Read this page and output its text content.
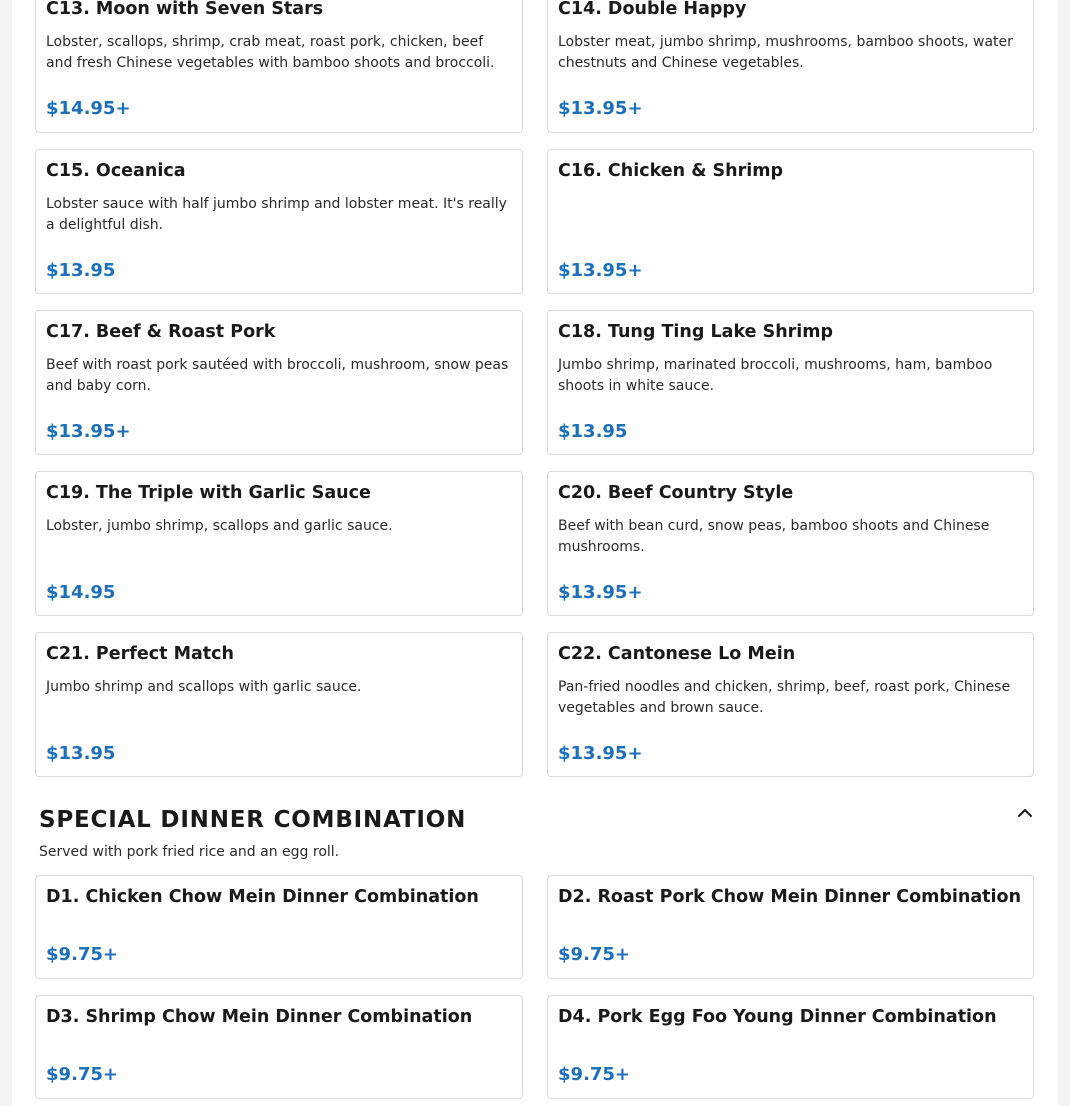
C13. Moon with Seven Stars
Lobster, scallops, shrimp, crab meat, roast pork, chicken, beef and fresh Chinese vegetables with bamboo shoots and broccoli.
$14.95+
C14. Double Happy
Lobster meat, jumbo shrimp, mushrooms, bamboo shoots, water chestnuts and Chinese vegetables.
$13.95+
C15. Oceanica
Lobster sauce with half jumbo shrimp and lobster meat. It's really a delightful dish.
$13.95
C16. Chicken & Shrimp
$13.95+
C17. Beef & Roast Pork
Beef with roast pork sautéed with broccoli, mushroom, snow peas and baby corn.
$13.95+
C18. Tung Ting Lake Shrimp
Jumbo shrimp, marinated broccoli, mushrooms, ham, bamboo shoots in white sauce.
$13.95
C19. The Triple with Garlic Sauce
Lobster, jumbo shrimp, scallops and garlic sauce.
$14.95
C20. Beef Country Style
Beef with bean curd, snow peas, bamboo shoots and Chinese mushrooms.
$13.95+
C21. Perfect Match
Jumbo shrimp and scallops with garlic sauce.
$13.95
C22. Cantonese Lo Mein
Pan-fried noodles and chicken, shrimp, beef, roast pork, Chinese vegetables and brown sauce.
$13.95+
SPECIAL DINNER COMBINATION
Served with pork fried rice and an egg roll.
D1. Chicken Chow Mein Dinner Combination
$9.75+
D2. Roast Pork Chow Mein Dinner Combination
$9.75+
D3. Shrimp Chow Mein Dinner Combination
$9.75+
D4. Pork Egg Foo Young Dinner Combination
$9.75+
